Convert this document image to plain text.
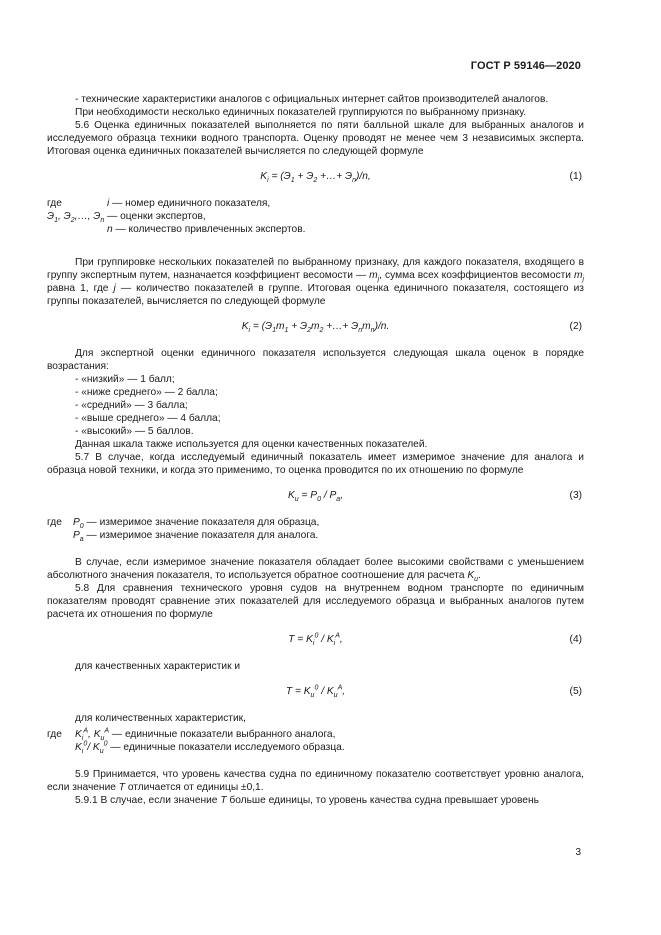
ГОСТ Р 59146—2020

- технические характеристики аналогов с официальных интернет сайтов производителей аналогов.

При необходимости несколько единичных показателей группируются по выбранному признаку.

5.6 Оценка единичных показателей выполняется по пяти балльной шкале для выбранных аналогов и исследуемого образца техники водного транспорта. Оценку проводят не менее чем 3 независимых эксперта. Итоговая оценка единичных показателей вычисляется по следующей формуле

$K_i = (Э_1 + Э_2$ +…+ $Э_n)/n$,	(1)
где	i — номер единичного показателя,
$Э_1$, $Э_2,\dots$, $Э_n$ — оценки экспертов,
n — количество привлеченных экспертов.

При группировке нескольких показателей по выбранному признаку, для каждого показателя, входящего в группу экспертным путем, назначается коэффициент весомости — $m_j$, сумма всех коэффициентов весомости $m_j$ равна 1, где j — количество показателей в группе. Итоговая оценка единичного показателя, состоящего из группы показателей, вычисляется по следующей формуле

$K_i = (Э_1m_1 + Э_2m_2$ +…+ $Э_nm_n)/n$.	(2)

Для экспертной оценки единичного показателя используется следующая шкала оценок в порядке возрастания:

- «низкий» — 1 балл;
- «ниже среднего» — 2 балла;
- «средний» — 3 балла;
- «выше среднего» — 4 балла;
- «высокий» — 5 баллов.

Данная шкала также используется для оценки качественных показателей.

5.7 В случае, когда исследуемый единичный показатель имеет измеримое значение для аналога и образца новой техники, и когда это применимо, то оценка проводится по их отношению по формуле

$K_u = P_0 / P_a$,	(3)
где $P_0$ — измеримое значение показателя для образца,
$P_a$ — измеримое значение показателя для аналога.

В случае, если измеримое значение показателя обладает более высокими свойствами с уменьшением абсолютного значения показателя, то используется обратное соотношение для расчета $K_u$.

5.8 Для сравнения технического уровня судов на внутреннем водном транспорте по единичным показателям проводят сравнение этих показателей для исследуемого образца и выбранных аналогов путем расчета их отношения по формуле

$T = K_i^0 / K_i^A$,	(4)

для качественных характеристик и

$T = K_u^0 / K_u^A$,	(5)

для количественных характеристик,

где $K_i^A$, $K_u^A$ — единичные показатели выбранного аналога,
$K_i^0/$ $K_u^0$ — единичные показатели исследуемого образца.

5.9 Принимается, что уровень качества судна по единичному показателю соответствует уровню аналога, если значение T отличается от единицы ±0,1.

5.9.1 В случае, если значение T больше единицы, то уровень качества судна превышает уровень

3
